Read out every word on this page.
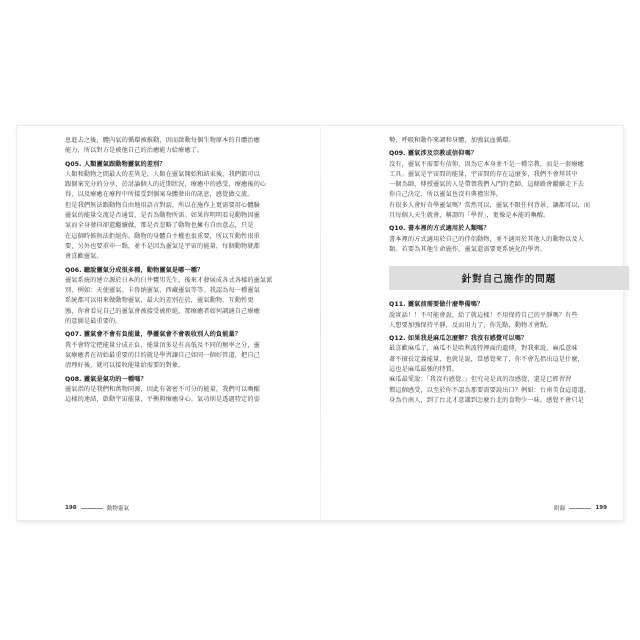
息進去之後，體內氣的循環被推動，因而啟動每個生物原本的自體治癒
能力，所以對方是被他自己的治癒能力給療癒了。
Q05. 人類靈氣跟動物靈氣的差別？
人類和動物之間最大的差異是，人類在靈氣開始和結束後，我們都可以
跟個案充分的分享，於討論個人的近期狀況，療癒中的感受，療癒後的心
得，以及療癒在療程中所接受到個案身體發出的訊息，感覺做交流。
但是我們無法跟動物自由地用語言對話，所以在施作上更需要用心體驗
靈氣的能量交流是否通當，是否為動物所需。如果你明明看見動物因靈
氣而全身發抖卻還繼續做，那是否忽略了動物也擁有自由意志，只是
在這個時候無法拒絕你。動物的身體自主權也很重要，所以互動性很重
要，另外也要重申一點，並不是因為靈氣是宇宙的能量，每個動物就都
會喜歡靈氣。
Q06. 聽說靈氣分成很多種，動物靈氣是哪一種？
靈氣系統的建立源於日本的臼井甕男先生，後來才發展成各式各樣的靈氣派
別，例如：天使靈氣、卡魯納靈氣、西藏靈氣等等。我認為每一種靈氣
系統都可以用來做動物靈氣，最大的差別在於，靈氣動物、互動性更
強，你會看見自己的靈氣會被接受被拒絕，那療癒者如何調適自己療癒
的意圖是最重要的。
Q07. 靈氣會不會有負能量，學靈氣會不會吸收別人的負能量？
我不會特定把能量分成正負，能量頂多是有高低及不同的頻率之分，靈
氣療癒者在初始最重要的目的就是學習讓自己如同一個好管道，把自己
清理好後，就可以接收能量給需要的對象。
Q08. 靈氣是氣功的一種嗎？
靈氣指的是我們和萬物同源，因此有著密不可分的能量，我們可以喚醒
這樣的連結，啟動宇宙能量，平衡與療癒身心。氣功則是透過特定的姿
198	動物靈氣
勢，呼吸和動作來調和身體，加強氣血循環。
Q09. 靈氣涉及宗教或信仰嗎？
沒有，靈氣不需要有信仰，因為它本身並不是一種宗教，而是一套療癒
工具。靈氣是宇宙間的能量，宇宙間的存在這麼多，我們不會拜其中
一個為師，傳授靈氣的人是帶領我們入門的老師，這條路會繼續走下去
你自己決定，所以靈氣也沒有典禮崇拜。
有很多人會好奇學靈氣嗎？當然可以，靈氣不限任何背景，讓都可以，而
且每個人天生就會，稱謂的「學習」，更像是本能的喚醒。
Q10. 書本裡的方式適用於人類嗎？
書本裡的方式適用於自己的伴侶動物，並不適用於其他人的動物以及人
類。若要為其他生命施作，靈氣還需要更系統化的學習。
針對自己施作的問題
Q11. 靈氣前需要做什麼準備嗎？
說實話！！不可能會說，給了就這樣！不用保持自己的平靜嗎？有些
人想要加強保持平靜，反而用力了，你先點，動物才會點。
Q12. 如果我是麻瓜怎麼辦？我沒有感覺可以嗎？
最喜歡麻瓜了，麻瓜不是哈利波特裡面的遺傳，對我來說，麻瓜意味
著不擅長定義能量，也就是說，當感覺來了，你不會先指出這是什麼，
這也是麻瓜最強的特質。
麻瓜最愛說：「我沒有感覺。」但究竟是真的沒感覺，還是已經習習
慣這個感受，以至於你不認為那要需要說出口？例如：台南美食這道道，
身為台南人，到了台北才意識到怎麼台北的食物少一味。感覺不會只是
附錄	199
